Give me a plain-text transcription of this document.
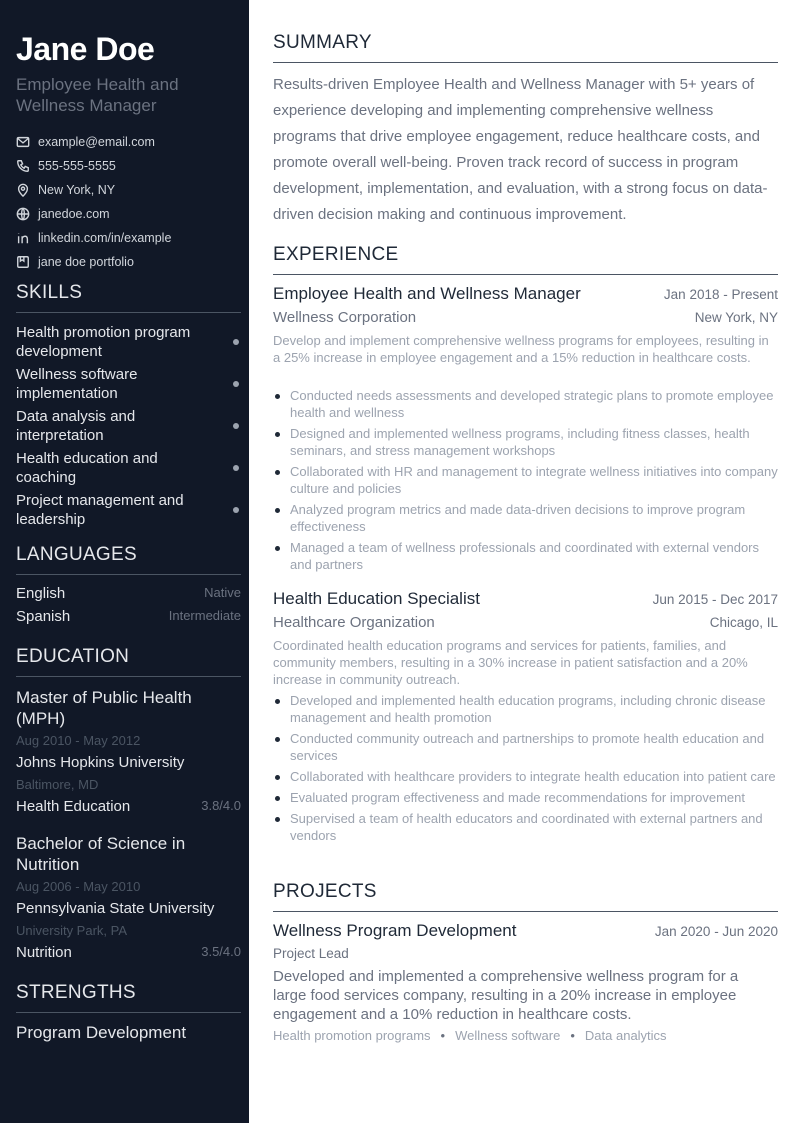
Jane Doe
Employee Health and Wellness Manager
example@email.com
555-555-5555
New York, NY
janedoe.com
linkedin.com/in/example
jane doe portfolio
SKILLS
Health promotion program development
Wellness software implementation
Data analysis and interpretation
Health education and coaching
Project management and leadership
LANGUAGES
English	Native
Spanish	Intermediate
EDUCATION
Master of Public Health (MPH)
Aug 2010 - May 2012
Johns Hopkins University
Baltimore, MD
Health Education	3.8/4.0
Bachelor of Science in Nutrition
Aug 2006 - May 2010
Pennsylvania State University
University Park, PA
Nutrition	3.5/4.0
STRENGTHS
Program Development
SUMMARY
Results-driven Employee Health and Wellness Manager with 5+ years of experience developing and implementing comprehensive wellness programs that drive employee engagement, reduce healthcare costs, and promote overall well-being. Proven track record of success in program development, implementation, and evaluation, with a strong focus on data-driven decision making and continuous improvement.
EXPERIENCE
Employee Health and Wellness Manager	Jan 2018 - Present
Wellness Corporation	New York, NY
Develop and implement comprehensive wellness programs for employees, resulting in a 25% increase in employee engagement and a 15% reduction in healthcare costs.
Conducted needs assessments and developed strategic plans to promote employee health and wellness
Designed and implemented wellness programs, including fitness classes, health seminars, and stress management workshops
Collaborated with HR and management to integrate wellness initiatives into company culture and policies
Analyzed program metrics and made data-driven decisions to improve program effectiveness
Managed a team of wellness professionals and coordinated with external vendors and partners
Health Education Specialist	Jun 2015 - Dec 2017
Healthcare Organization	Chicago, IL
Coordinated health education programs and services for patients, families, and community members, resulting in a 30% increase in patient satisfaction and a 20% increase in community outreach.
Developed and implemented health education programs, including chronic disease management and health promotion
Conducted community outreach and partnerships to promote health education and services
Collaborated with healthcare providers to integrate health education into patient care
Evaluated program effectiveness and made recommendations for improvement
Supervised a team of health educators and coordinated with external partners and vendors
PROJECTS
Wellness Program Development	Jan 2020 - Jun 2020
Project Lead
Developed and implemented a comprehensive wellness program for a large food services company, resulting in a 20% increase in employee engagement and a 10% reduction in healthcare costs.
Health promotion programs • Wellness software • Data analytics
